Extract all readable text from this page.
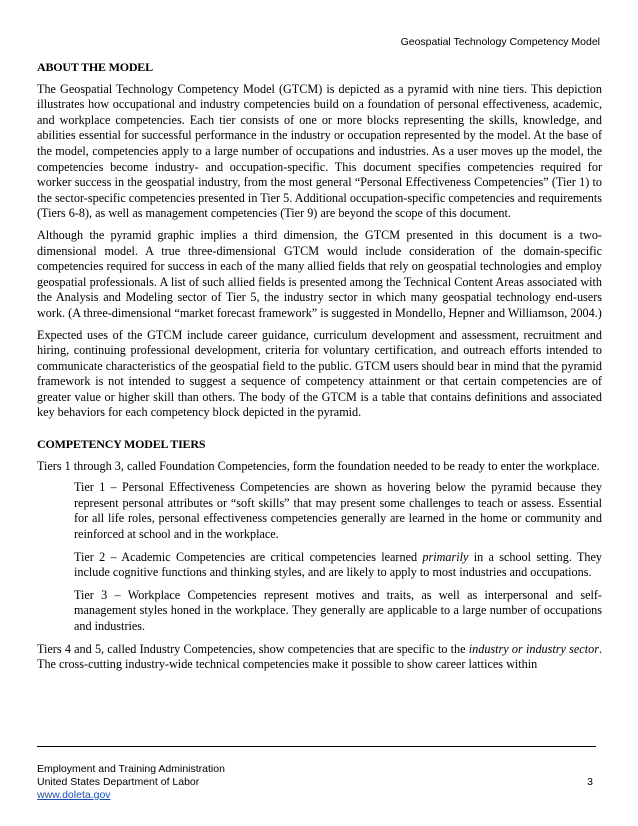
Geospatial Technology Competency Model
ABOUT THE MODEL

The Geospatial Technology Competency Model (GTCM) is depicted as a pyramid with nine tiers. This depiction illustrates how occupational and industry competencies build on a foundation of personal effectiveness, academic, and workplace competencies. Each tier consists of one or more blocks representing the skills, knowledge, and abilities essential for successful performance in the industry or occupation represented by the model. At the base of the model, competencies apply to a large number of occupations and industries. As a user moves up the model, the competencies become industry- and occupation-specific. This document specifies competencies required for worker success in the geospatial industry, from the most general “Personal Effectiveness Competencies” (Tier 1) to the sector-specific competencies presented in Tier 5. Additional occupation-specific competencies and requirements (Tiers 6-8), as well as management competencies (Tier 9) are beyond the scope of this document.

Although the pyramid graphic implies a third dimension, the GTCM presented in this document is a two-dimensional model. A true three-dimensional GTCM would include consideration of the domain-specific competencies required for success in each of the many allied fields that rely on geospatial technologies and employ geospatial professionals. A list of such allied fields is presented among the Technical Content Areas associated with the Analysis and Modeling sector of Tier 5, the industry sector in which many geospatial technology end-users work. (A three-dimensional “market forecast framework” is suggested in Mondello, Hepner and Williamson, 2004.)

Expected uses of the GTCM include career guidance, curriculum development and assessment, recruitment and hiring, continuing professional development, criteria for voluntary certification, and outreach efforts intended to communicate characteristics of the geospatial field to the public. GTCM users should bear in mind that the pyramid framework is not intended to suggest a sequence of competency attainment or that certain competencies are of greater value or higher skill than others. The body of the GTCM is a table that contains definitions and associated key behaviors for each competency block depicted in the pyramid.

COMPETENCY MODEL TIERS

Tiers 1 through 3, called Foundation Competencies, form the foundation needed to be ready to enter the workplace.

Tier 1 – Personal Effectiveness Competencies are shown as hovering below the pyramid because they represent personal attributes or “soft skills” that may present some challenges to teach or assess. Essential for all life roles, personal effectiveness competencies generally are learned in the home or community and reinforced at school and in the workplace.

Tier 2 – Academic Competencies are critical competencies learned primarily in a school setting. They include cognitive functions and thinking styles, and are likely to apply to most industries and occupations.

Tier 3 – Workplace Competencies represent motives and traits, as well as interpersonal and self-management styles honed in the workplace. They generally are applicable to a large number of occupations and industries.

Tiers 4 and 5, called Industry Competencies, show competencies that are specific to the industry or industry sector. The cross-cutting industry-wide technical competencies make it possible to show career lattices within

Employment and Training Administration
United States Department of Labor
www.doleta.gov
3
